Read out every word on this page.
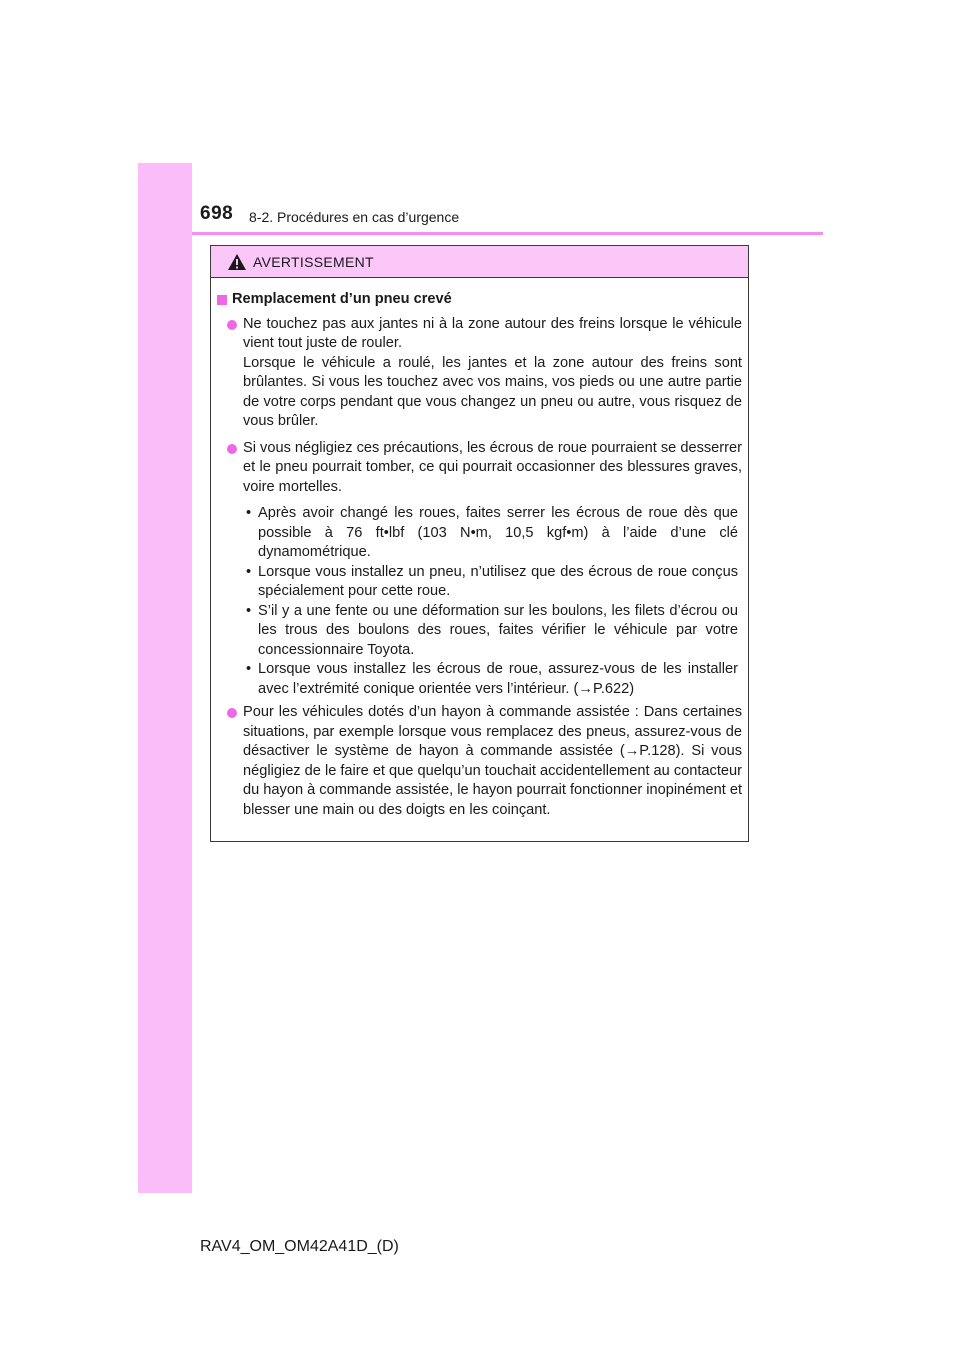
698 8-2. Procédures en cas d’urgence
AVERTISSEMENT
Remplacement d’un pneu crevé

Ne touchez pas aux jantes ni à la zone autour des freins lorsque le véhicule vient tout juste de rouler.

Lorsque le véhicule a roulé, les jantes et la zone autour des freins sont brûlantes. Si vous les touchez avec vos mains, vos pieds ou une autre partie de votre corps pendant que vous changez un pneu ou autre, vous risquez de vous brûler.

Si vous négligiez ces précautions, les écrous de roue pourraient se desserrer et le pneu pourrait tomber, ce qui pourrait occasionner des blessures graves, voire mortelles.

• Après avoir changé les roues, faites serrer les écrous de roue dès que possible à 76 ft•lbf (103 N•m, 10,5 kgf•m) à l’aide d’une clé dynamométrique.
• Lorsque vous installez un pneu, n’utilisez que des écrous de roue conçus spécialement pour cette roue.
• S’il y a une fente ou une déformation sur les boulons, les filets d’écrou ou les trous des boulons des roues, faites vérifier le véhicule par votre concessionnaire Toyota.
• Lorsque vous installez les écrous de roue, assurez-vous de les installer avec l’extrémité conique orientée vers l’intérieur. (→P.622)

Pour les véhicules dotés d’un hayon à commande assistée : Dans certaines situations, par exemple lorsque vous remplacez des pneus, assurez-vous de désactiver le système de hayon à commande assistée (→P.128). Si vous négligiez de le faire et que quelqu’un touchait accidentellement au contacteur du hayon à commande assistée, le hayon pourrait fonctionner inopinément et blesser une main ou des doigts en les coinçant.

RAV4_OM_OM42A41D_(D)
